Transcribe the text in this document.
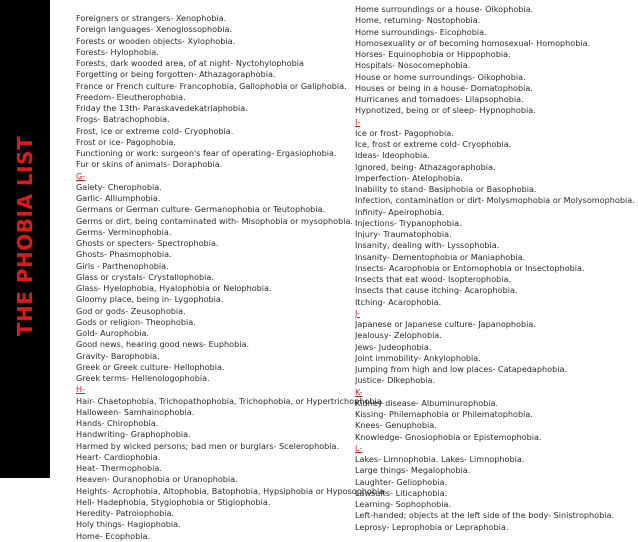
THE PHOBIA LIST
Foreigners or strangers- Xenophobia.
Foreign languages- Xenoglossophobia.
Forests or wooden objects- Xylophobia.
Forests- Hylophobia.
Forests, dark wooded area, of at night- Nyctohylophobia
Forgetting or being forgotten- Athazagoraphobia.
France or French culture- Francophobia, Gallophobia or Galiphobia.
Freedom- Eleutherophobia.
Friday the 13th- Paraskavedekatriaphobia.
Frogs- Batrachophobia.
Frost, ice or extreme cold- Cryophobia.
Frost or ice- Pagophobia.
Functioning or work: surgeon's fear of operating- Ergasiophobia.
Fur or skins of animals- Doraphobia.
G-
Gaiety- Cherophobia.
Garlic- Alliumphobia.
Germans or German culture- Germanophobia or Teutophobia.
Germs or dirt, being contaminated with- Misophobia or mysophobia.
Germs- Verminophobia.
Ghosts or specters- Spectrophobia.
Ghosts- Phasmophobia.
Girls - Parthenophobia.
Glass or crystals- Crystallophobia.
Glass- Hyelophobia, Hyalophobia or Nelophobia.
Gloomy place, being in- Lygophobia.
God or gods- Zeusophobia.
Gods or religion- Theophobia.
Gold- Aurophobia.
Good news, hearing good news- Euphobia.
Gravity- Barophobia.
Greek or Greek culture- Hellophobia.
Greek terms- Hellenologophobia.
H-
Hair- Chaetophobia, Trichopathophobia, Trichophobia, or Hypertrichophobia.
Halloween- Samhainophobia.
Hands- Chirophobia.
Handwriting- Graphophobia.
Harmed by wicked persons; bad men or burglars- Scelerophobia.
Heart- Cardiophobia.
Heat- Thermophobia.
Heaven- Ouranophobia or Uranophobia.
Heights- Acrophobia, Altophobia, Batophobia, Hypsiphobia or Hyposophobia.
Hell- Hadephobia, Stygiophobia or Stigiophobia.
Heredity- Patroiophobia.
Holy things- Hagiophobia.
Home- Ecophobia.
Home surroundings or a house- Oikophobia.
Home, returning- Nostophobia.
Home surroundings- Eicophobia.
Homosexuality or of becoming homosexual- Homophobia.
Horses- Equinophobia or Hippophobia.
Hospitals- Nosocomephobia.
House or home surroundings- Oikophobia.
Houses or being in a house- Domatophobia.
Hurricanes and tornadoes- Lilapsophobia.
Hypnotized, being or of sleep- Hypnophobia.
I-
Ice or frost- Pagophobia.
Ice, frost or extreme cold- Cryophobia.
Ideas- Ideophobia.
Ignored, being- Athazagoraphobia.
Imperfection- Atelophobia.
Inability to stand- Basiphobia or Basophobia.
Infection, contamination or dirt- Molysmophobia or Molysomophobia.
Infinity- Apeirophobia.
Injections- Trypanophobia.
Injury- Traumatophobia.
Insanity, dealing with- Lyssophobia.
Insanity- Dementophobia or Maniaphobia.
Insects- Acarophobia or Entomophobia or Insectophobia.
Insects that eat wood- Isopterophobia.
Insects that cause itching- Acarophobia.
Itching- Acarophobia.
J-
Japanese or Japanese culture- Japanophobia.
Jealousy- Zelophobia.
Jews- Judeophobia.
Joint immobility- Ankylophobia.
Jumping from high and low places- Catapedaphobia.
Justice- Dikephobia.
K-
Kidney disease- Albuminurophobia.
Kissing- Philemaphobia or Philematophobia.
Knees- Genuphobia.
Knowledge- Gnosiophobia or Epistemophobia.
L-
Lakes- Limnophobia. Lakes- Limnophobia.
Large things- Megalophobia.
Laughter- Geliophobia.
Lawsuits- Liticaphobia.
Learning- Sophophobia.
Left-handed; objects at the left side of the body- Sinistrophobia.
Leprosy- Leprophobia or Lepraphobia.
